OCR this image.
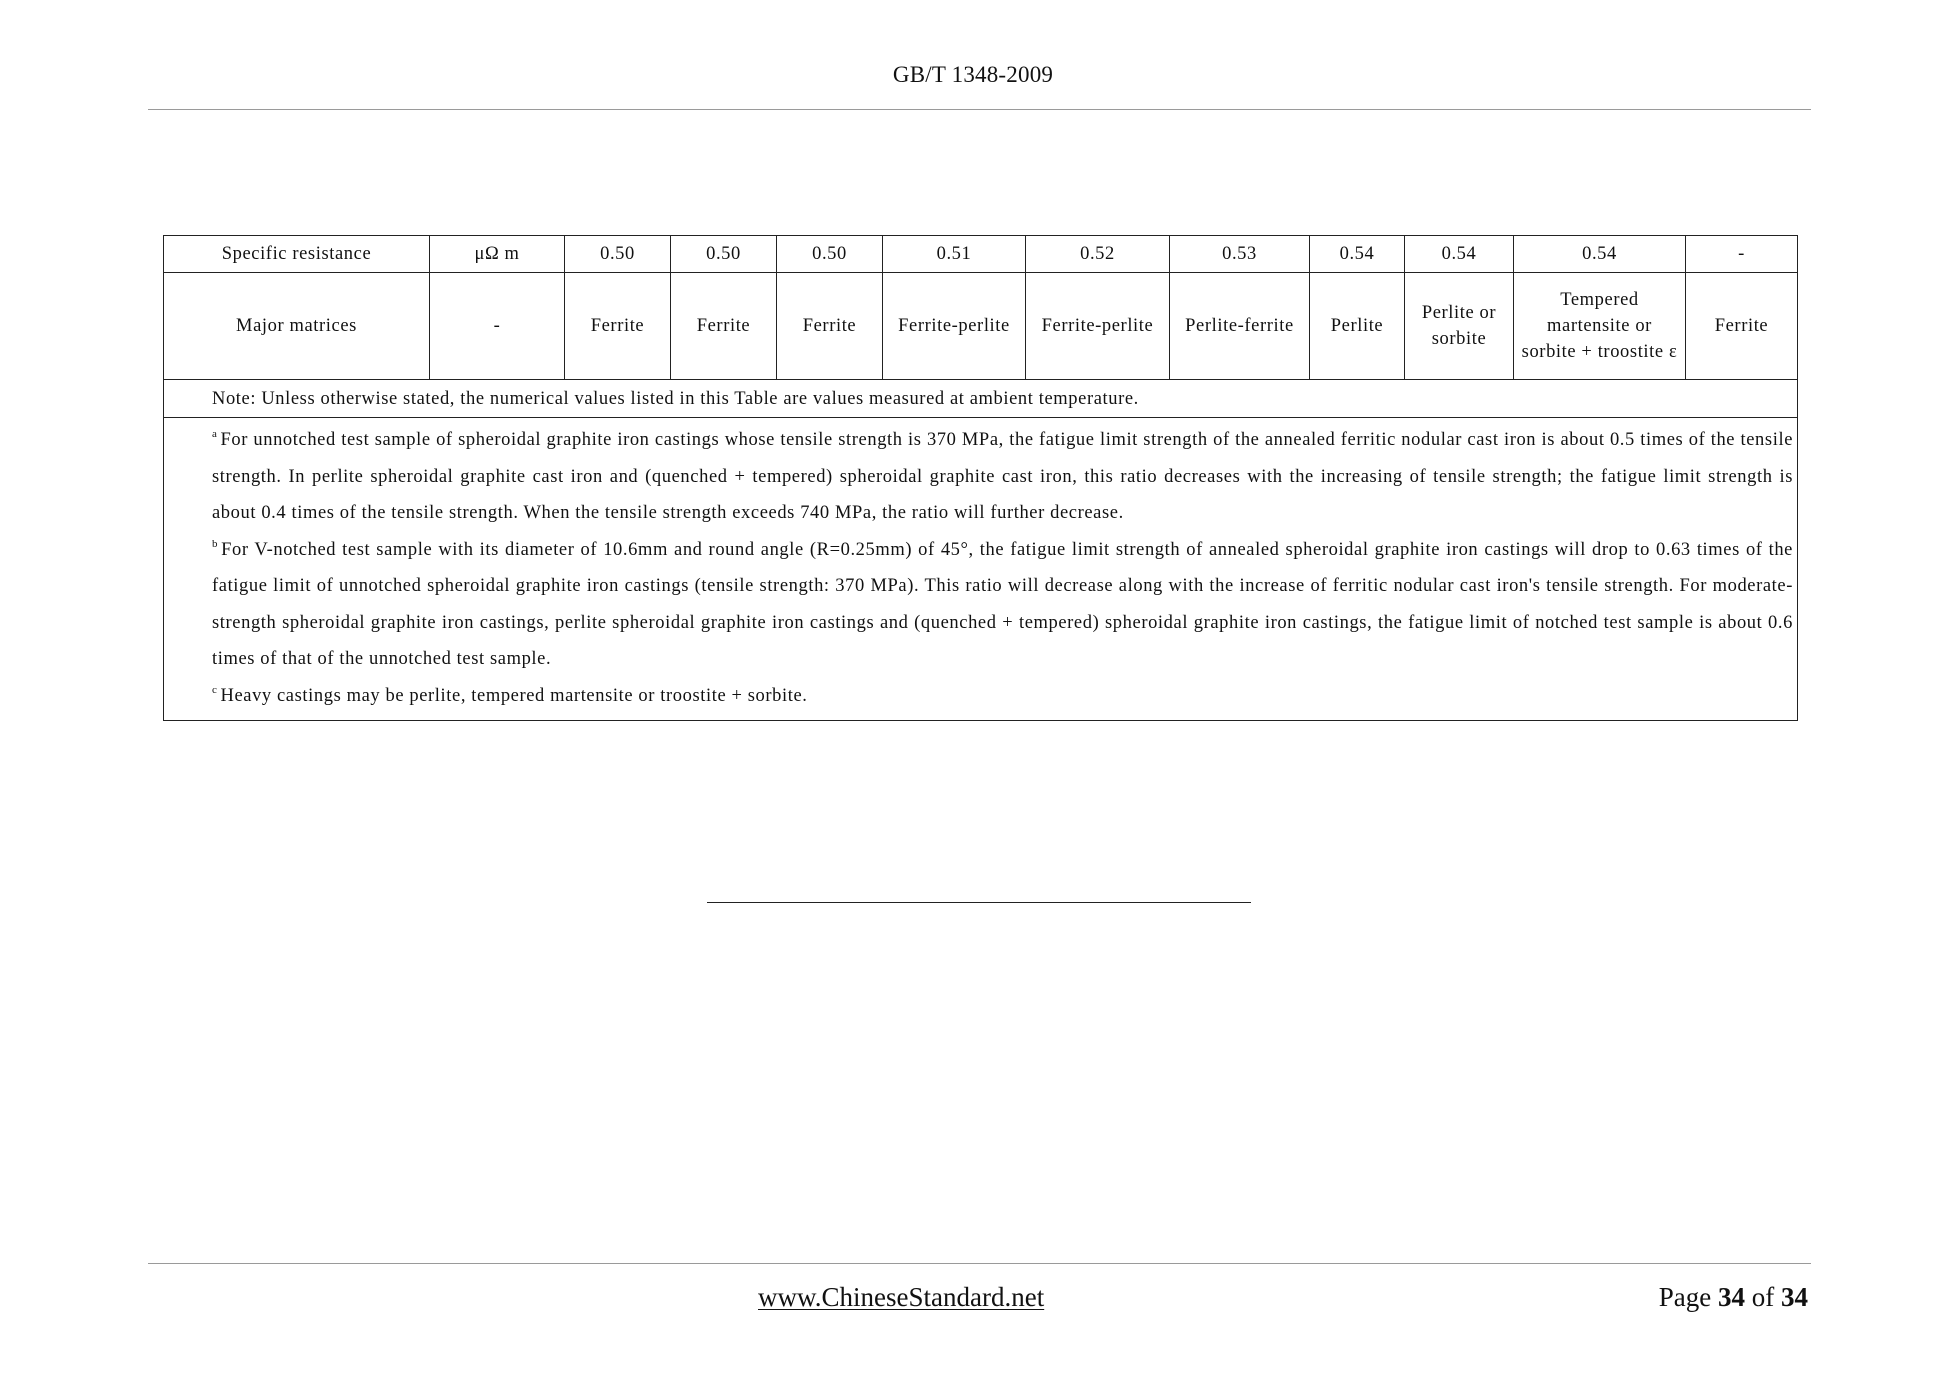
GB/T 1348-2009
Specific resistance	μΩ m	0.50	0.50	0.50	0.51	0.52	0.53	0.54	0.54	0.54	-
Major matrices	-	Ferrite	Ferrite	Ferrite	Ferrite-perlite	Ferrite-perlite	Perlite-ferrite	Perlite	Perlite or sorbite	Tempered martensite or sorbite + troostite ε	Ferrite
Note: Unless otherwise stated, the numerical values listed in this Table are values measured at ambient temperature.											

$^a$ For unnotched test sample of spheroidal graphite iron castings whose tensile strength is 370 MPa, the fatigue limit strength of the annealed ferritic nodular cast iron is about 0.5 times of the tensile strength. In perlite spheroidal graphite cast iron and (quenched + tempered) spheroidal graphite cast iron, this ratio decreases with the increasing of tensile strength; the fatigue limit strength is about 0.4 times of the tensile strength. When the tensile strength exceeds 740 MPa, the ratio will further decrease.

$^b$ For V-notched test sample with its diameter of 10.6mm and round angle (R=0.25mm) of 45°, the fatigue limit strength of annealed spheroidal graphite iron castings will drop to 0.63 times of the fatigue limit of unnotched spheroidal graphite iron castings (tensile strength: 370 MPa). This ratio will decrease along with the increase of ferritic nodular cast iron's tensile strength. For moderate-strength spheroidal graphite iron castings, perlite spheroidal graphite iron castings and (quenched + tempered) spheroidal graphite iron castings, the fatigue limit of notched test sample is about 0.6 times of that of the unnotched test sample.

$^c$ Heavy castings may be perlite, tempered martensite or troostite + sorbite.											

www.ChineseStandard.net	Page 34 of 34
